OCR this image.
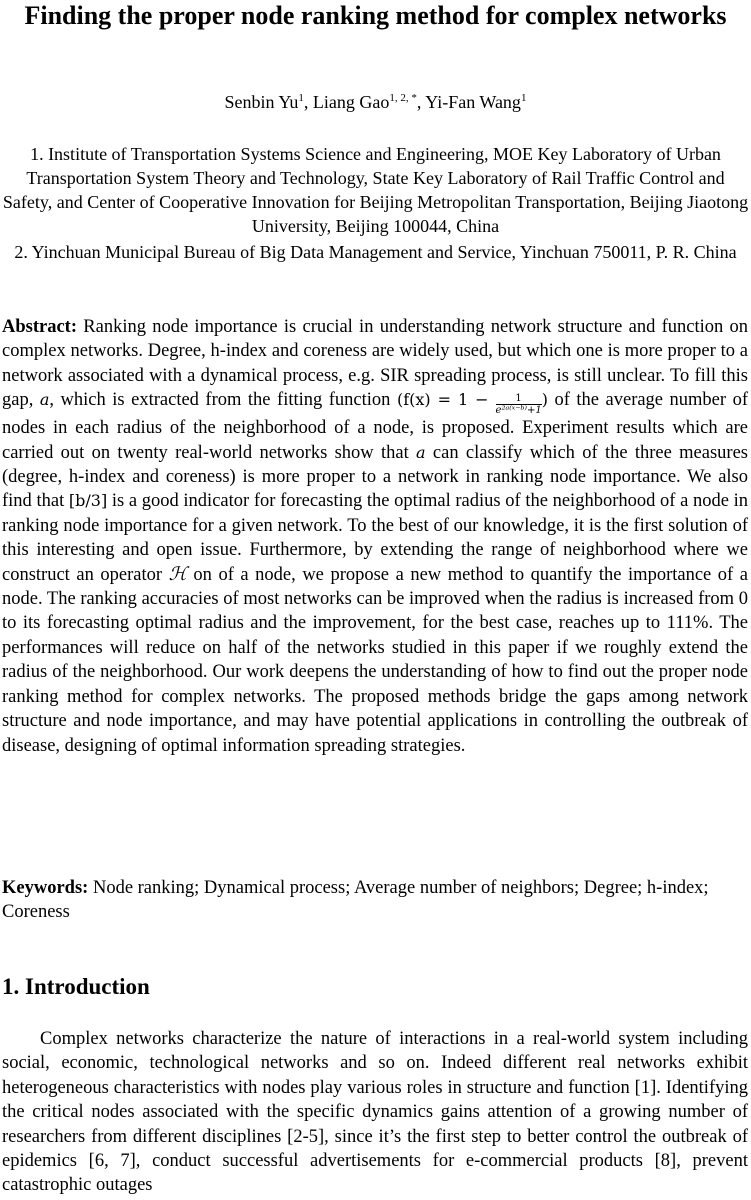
Finding the proper node ranking method for complex networks
Senbin Yu$^1$, Liang Gao$^{1, 2, *}$, Yi-Fan Wang$^1$
1. Institute of Transportation Systems Science and Engineering, MOE Key Laboratory of Urban Transportation System Theory and Technology, State Key Laboratory of Rail Traffic Control and Safety, and Center of Cooperative Innovation for Beijing Metropolitan Transportation, Beijing Jiaotong University, Beijing 100044, China
2. Yinchuan Municipal Bureau of Big Data Management and Service, Yinchuan 750011, P. R. China

Abstract: Ranking node importance is crucial in understanding network structure and function on complex networks. Degree, h-index and coreness are widely used, but which one is more proper to a network associated with a dynamical process, e.g. SIR spreading process, is still unclear. To fill this gap, a, which is extracted from the fitting function ($f(x) = 1 - \frac{1}{\text{e²ᵃ⁽ˣ⁻ᵇ⁾+1}}$ ) of the average number of nodes in each radius of the neighborhood of a node, is proposed. Experiment results which are carried out on twenty real-world networks show that a can classify which of the three measures (degree, h-index and coreness) is more proper to a network in ranking node importance. We also find that [b/3] is a good indicator for forecasting the optimal radius of the neighborhood of a node in ranking node importance for a given network. To the best of our knowledge, it is the first solution of this interesting and open issue. Furthermore, by extending the range of neighborhood where we construct an operator ℋ on of a node, we propose a new method to quantify the importance of a node. The ranking accuracies of most networks can be improved when the radius is increased from 0 to its forecasting optimal radius and the improvement, for the best case, reaches up to 111%. The performances will reduce on half of the networks studied in this paper if we roughly extend the radius of the neighborhood. Our work deepens the understanding of how to find out the proper node ranking method for complex networks. The proposed methods bridge the gaps among network structure and node importance, and may have potential applications in controlling the outbreak of disease, designing of optimal information spreading strategies.

Keywords: Node ranking; Dynamical process; Average number of neighbors; Degree; h-index; Coreness

1. Introduction

Complex networks characterize the nature of interactions in a real-world system including social, economic, technological networks and so on. Indeed different real networks exhibit heterogeneous characteristics with nodes play various roles in structure and function [1]. Identifying the critical nodes associated with the specific dynamics gains attention of a growing number of researchers from different disciplines [2-5], since it’s the first step to better control the outbreak of epidemics [6, 7], conduct successful advertisements for e-commercial products [8], prevent catastrophic outages
